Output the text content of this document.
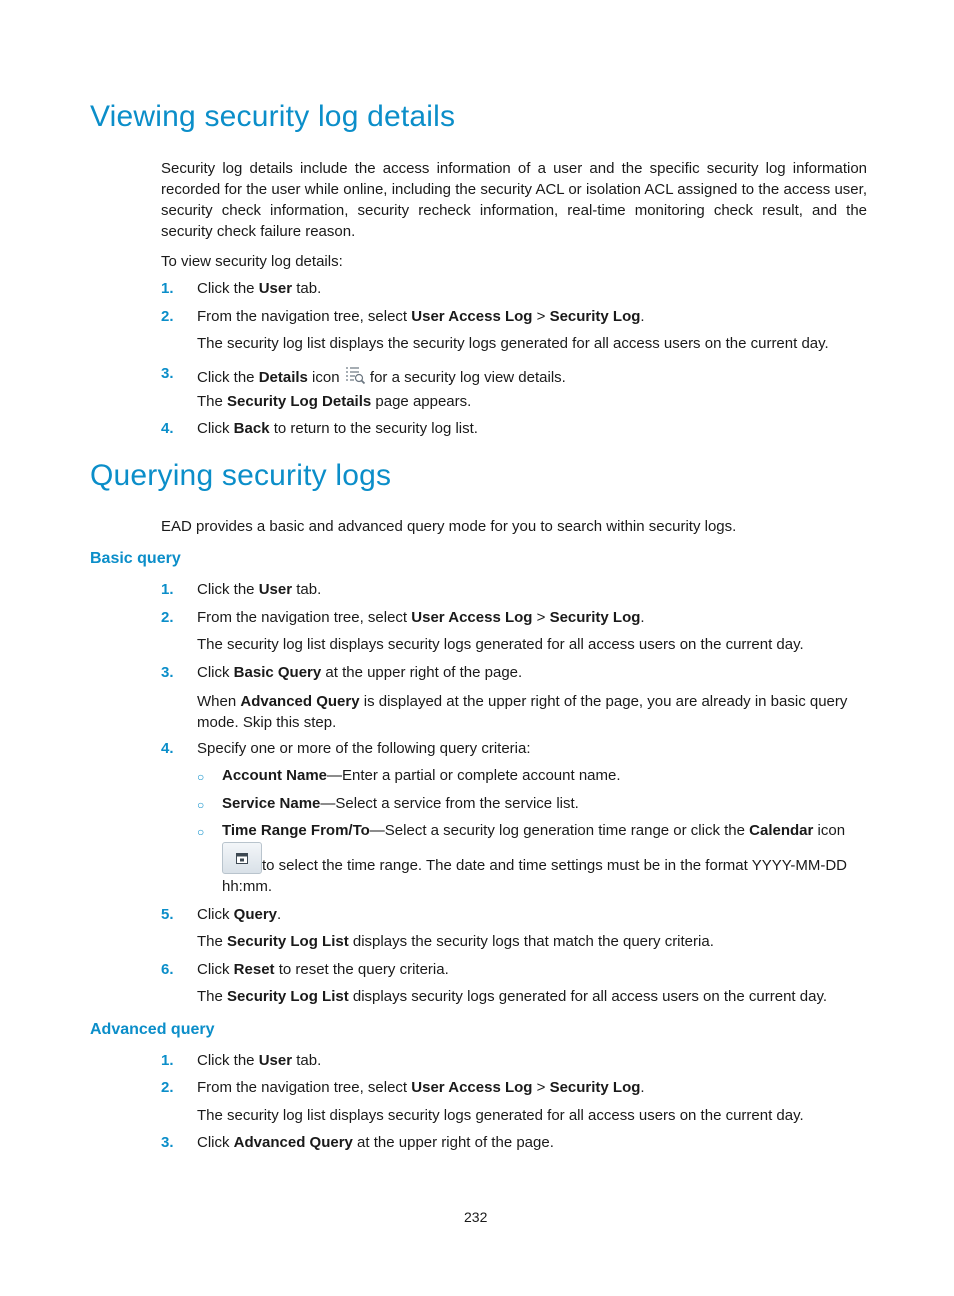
Viewing security log details
Security log details include the access information of a user and the specific security log information recorded for the user while online, including the security ACL or isolation ACL assigned to the access user, security check information, security recheck information, real-time monitoring check result, and the security check failure reason.
To view security log details:
1.	Click the User tab.
2.	From the navigation tree, select User Access Log > Security Log.
The security log list displays the security logs generated for all access users on the current day.
3.	Click the Details icon  for a security log view details.
The Security Log Details page appears.
4.	Click Back to return to the security log list.
Querying security logs
EAD provides a basic and advanced query mode for you to search within security logs.
Basic query
1.	Click the User tab.
2.	From the navigation tree, select User Access Log > Security Log.
The security log list displays security logs generated for all access users on the current day.
3.	Click Basic Query at the upper right of the page.
When Advanced Query is displayed at the upper right of the page, you are already in basic query mode. Skip this step.
4.	Specify one or more of the following query criteria:
○ Account Name—Enter a partial or complete account name.
○ Service Name—Select a service from the service list.
○ Time Range From/To—Select a security log generation time range or click the Calendar icon
to select the time range. The date and time settings must be in the format YYYY-MM-DD
hh:mm.
5.	Click Query.
The Security Log List displays the security logs that match the query criteria.
6.	Click Reset to reset the query criteria.
The Security Log List displays security logs generated for all access users on the current day.
Advanced query
1.	Click the User tab.
2.	From the navigation tree, select User Access Log > Security Log.
The security log list displays security logs generated for all access users on the current day.
3.	Click Advanced Query at the upper right of the page.
232
